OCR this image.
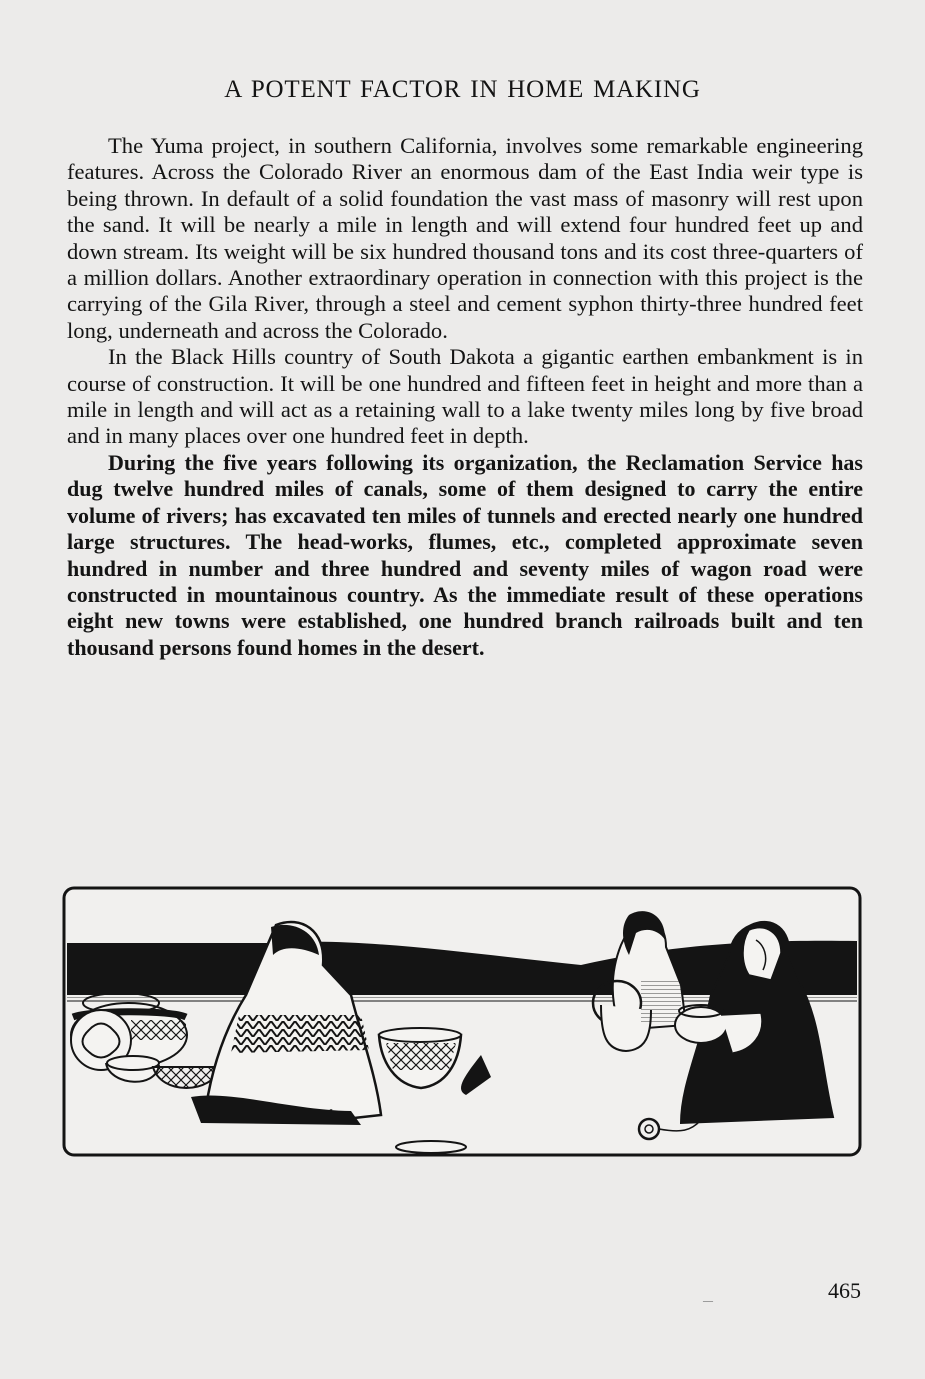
A POTENT FACTOR IN HOME MAKING

The Yuma project, in southern California, involves some remarkable engineering features. Across the Colorado River an enormous dam of the East India weir type is being thrown. In default of a solid foundation the vast mass of masonry will rest upon the sand. It will be nearly a mile in length and will extend four hundred feet up and down stream. Its weight will be six hundred thousand tons and its cost three-quarters of a million dollars. Another extraordinary operation in connection with this project is the carrying of the Gila River, through a steel and cement syphon thirty-three hundred feet long, underneath and across the Colorado.

In the Black Hills country of South Dakota a gigantic earthen embankment is in course of construction. It will be one hundred and fifteen feet in height and more than a mile in length and will act as a retaining wall to a lake twenty miles long by five broad and in many places over one hundred feet in depth.

During the five years following its organization, the Reclamation Service has dug twelve hundred miles of canals, some of them designed to carry the entire volume of rivers; has excavated ten miles of tunnels and erected nearly one hundred large structures. The head-works, flumes, etc., completed approximate seven hundred in number and three hundred and seventy miles of wagon road were constructed in mountainous country. As the immediate result of these operations eight new towns were established, one hundred branch railroads built and ten thousand persons found homes in the desert.

—	465
